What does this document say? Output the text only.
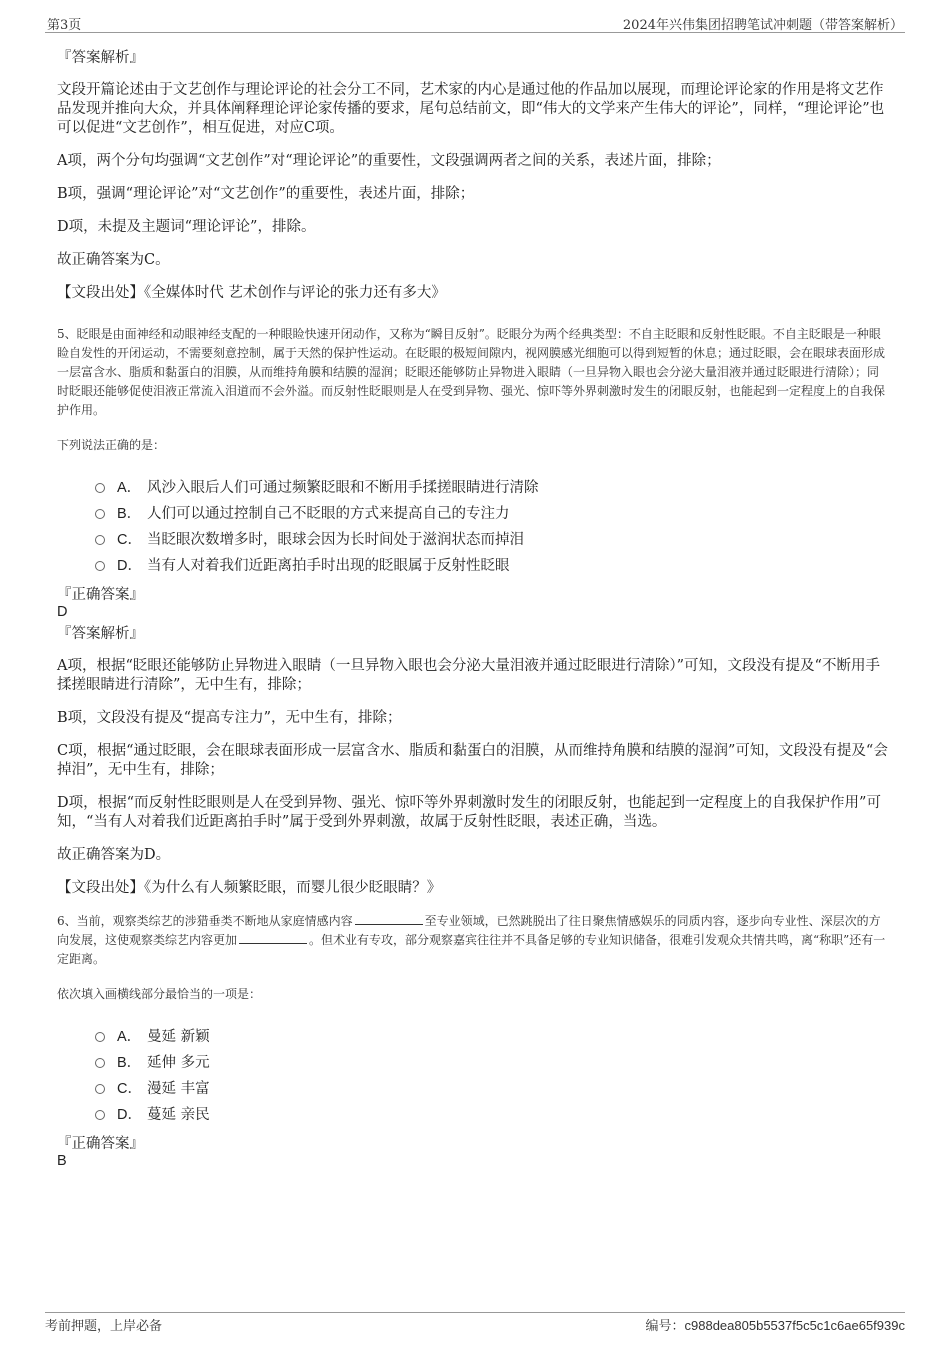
第3页	2024年兴伟集团招聘笔试冲刺题（带答案解析）

『答案解析』

文段开篇论述由于文艺创作与理论评论的社会分工不同，艺术家的内心是通过他的作品加以展现，而理论评论家的作用是将文艺作品发现并推向大众，并具体阐释理论评论家传播的要求，尾句总结前文，即“伟大的文学来产生伟大的评论”，同样，“理论评论”也可以促进“文艺创作”，相互促进，对应C项。

A项，两个分句均强调“文艺创作”对“理论评论”的重要性，文段强调两者之间的关系，表述片面，排除；

B项，强调“理论评论”对“文艺创作”的重要性，表述片面，排除；

D项，未提及主题词“理论评论”，排除。

故正确答案为C。

【文段出处】《全媒体时代 艺术创作与评论的张力还有多大》

5、眨眼是由面神经和动眼神经支配的一种眼睑快速开闭动作，又称为“瞬目反射”。眨眼分为两个经典类型：不自主眨眼和反射性眨眼。不自主眨眼是一种眼睑自发性的开闭运动，不需要刻意控制，属于天然的保护性运动。在眨眼的极短间隙内，视网膜感光细胞可以得到短暂的休息；通过眨眼，会在眼球表面形成一层富含水、脂质和黏蛋白的泪膜，从而维持角膜和结膜的湿润；眨眼还能够防止异物进入眼睛（一旦异物入眼也会分泌大量泪液并通过眨眼进行清除）；同时眨眼还能够促使泪液正常流入泪道而不会外溢。而反射性眨眼则是人在受到异物、强光、惊吓等外界刺激时发生的闭眼反射，也能起到一定程度上的自我保护作用。

下列说法正确的是：

A． 风沙入眼后人们可通过频繁眨眼和不断用手揉搓眼睛进行清除
B． 人们可以通过控制自己不眨眼的方式来提高自己的专注力
C． 当眨眼次数增多时，眼球会因为长时间处于滋润状态而掉泪
D． 当有人对着我们近距离拍手时出现的眨眼属于反射性眨眼

『正确答案』

D

『答案解析』

A项，根据“眨眼还能够防止异物进入眼睛（一旦异物入眼也会分泌大量泪液并通过眨眼进行清除）”可知，文段没有提及“不断用手揉搓眼睛进行清除”，无中生有，排除；

B项，文段没有提及“提高专注力”，无中生有，排除；

C项，根据“通过眨眼，会在眼球表面形成一层富含水、脂质和黏蛋白的泪膜，从而维持角膜和结膜的湿润”可知，文段没有提及“会掉泪”，无中生有，排除；

D项，根据“而反射性眨眼则是人在受到异物、强光、惊吓等外界刺激时发生的闭眼反射，也能起到一定程度上的自我保护作用”可知，“当有人对着我们近距离拍手时”属于受到外界刺激，故属于反射性眨眼，表述正确，当选。

故正确答案为D。

【文段出处】《为什么有人频繁眨眼，而婴儿很少眨眼睛？》

6、当前，观察类综艺的涉猎垂类不断地从家庭情感内容	至专业领域，已然跳脱出了往日聚焦情感娱乐的同质内容，逐步向专业性、深层次的方向发展，这使观察类综艺内容更加	。但术业有专攻，部分观察嘉宾往往并不具备足够的专业知识储备，很难引发观众共情共鸣，离“称职”还有一定距离。

依次填入画横线部分最恰当的一项是：

A． 曼延 新颖
B． 延伸 多元
C． 漫延 丰富
D． 蔓延 亲民

『正确答案』

B

考前押题，上岸必备	编号：c988dea805b5537f5c5c1c6ae65f939c
